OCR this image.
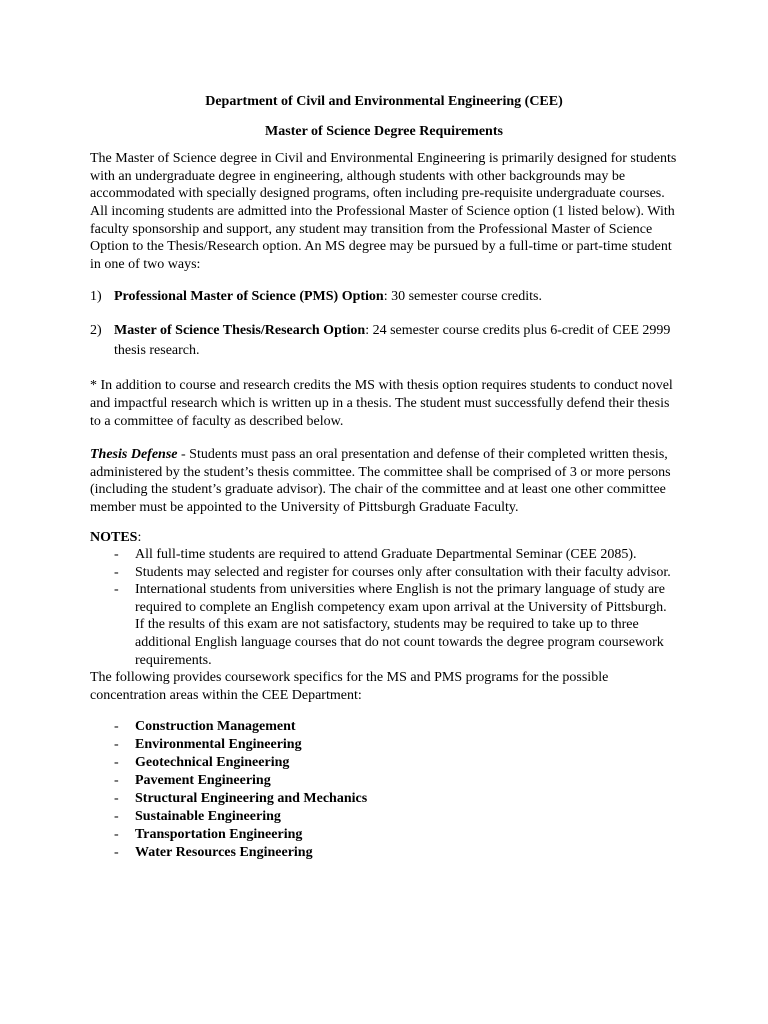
Department of Civil and Environmental Engineering (CEE)

Master of Science Degree Requirements

The Master of Science degree in Civil and Environmental Engineering is primarily designed for students with an undergraduate degree in engineering, although students with other backgrounds may be accommodated with specially designed programs, often including pre-requisite undergraduate courses. All incoming students are admitted into the Professional Master of Science option (1 listed below). With faculty sponsorship and support, any student may transition from the Professional Master of Science Option to the Thesis/Research option. An MS degree may be pursued by a full-time or part-time student in one of two ways:

1) Professional Master of Science (PMS) Option: 30 semester course credits.
2) Master of Science Thesis/Research Option: 24 semester course credits plus 6-credit of CEE 2999 thesis research.

* In addition to course and research credits the MS with thesis option requires students to conduct novel and impactful research which is written up in a thesis. The student must successfully defend their thesis to a committee of faculty as described below.

Thesis Defense - Students must pass an oral presentation and defense of their completed written thesis, administered by the student’s thesis committee. The committee shall be comprised of 3 or more persons (including the student’s graduate advisor). The chair of the committee and at least one other committee member must be appointed to the University of Pittsburgh Graduate Faculty.

NOTES:

- All full-time students are required to attend Graduate Departmental Seminar (CEE 2085).
- Students may selected and register for courses only after consultation with their faculty advisor.
- International students from universities where English is not the primary language of study are required to complete an English competency exam upon arrival at the University of Pittsburgh. If the results of this exam are not satisfactory, students may be required to take up to three additional English language courses that do not count towards the degree program coursework requirements.

The following provides coursework specifics for the MS and PMS programs for the possible concentration areas within the CEE Department:

- Construction Management
- Environmental Engineering
- Geotechnical Engineering
- Pavement Engineering
- Structural Engineering and Mechanics
- Sustainable Engineering
- Transportation Engineering
- Water Resources Engineering
